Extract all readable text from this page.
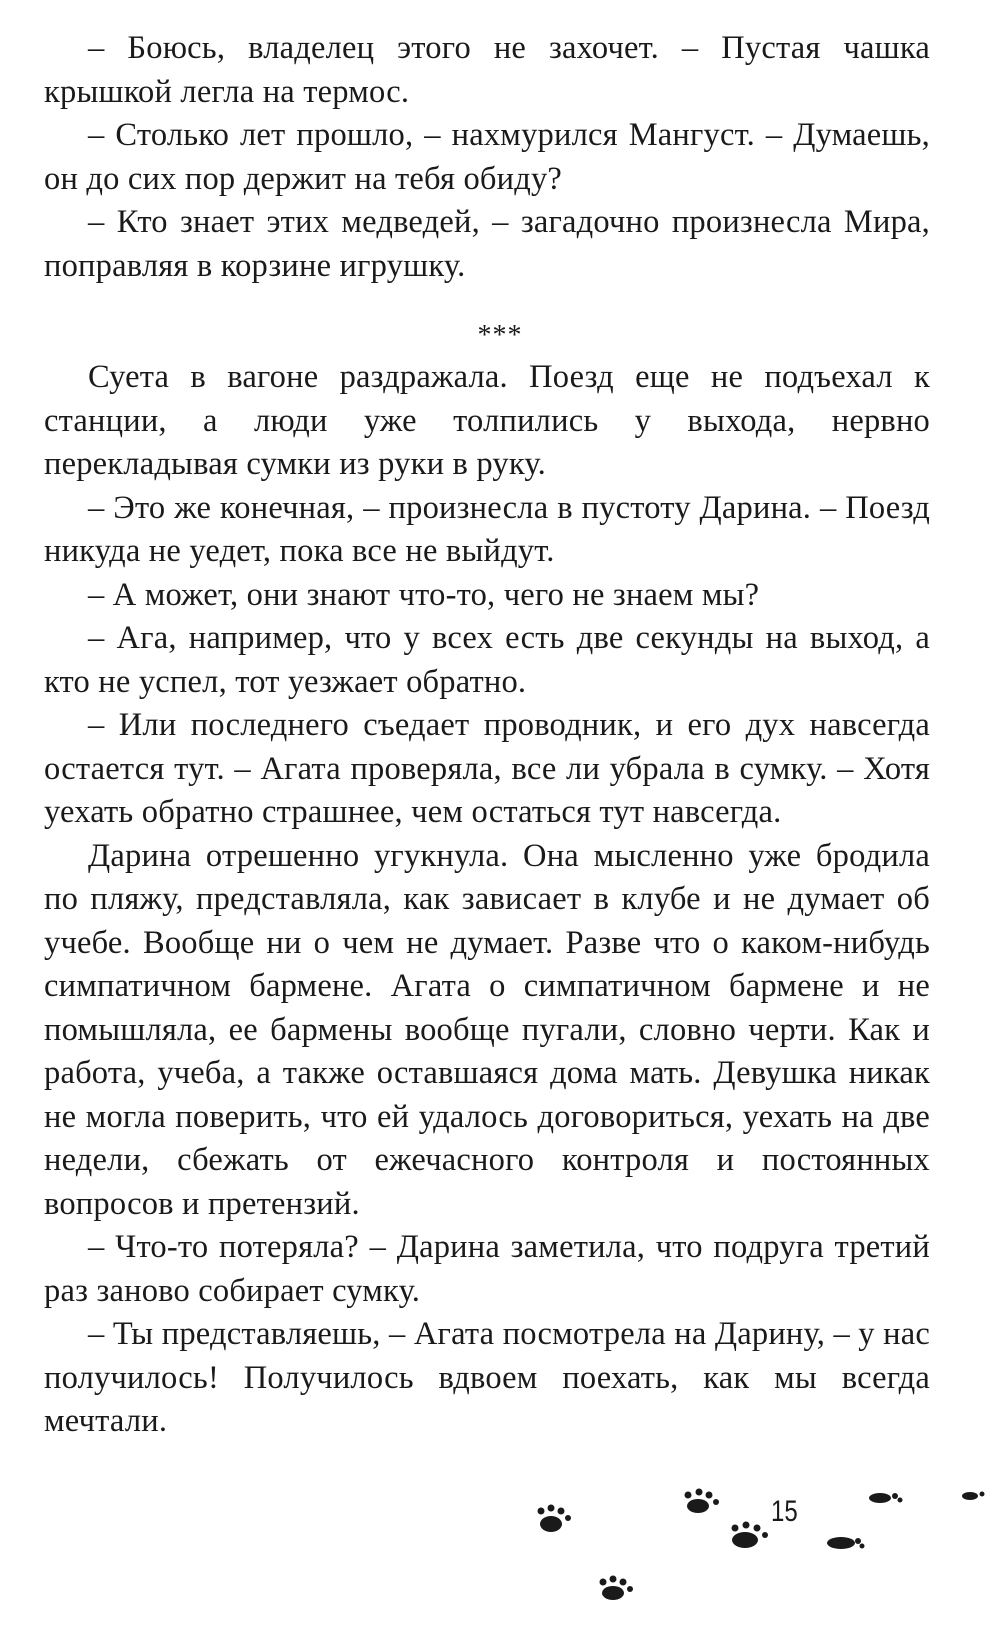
– Боюсь, владелец этого не захочет. – Пустая чашка крышкой легла на термос.

– Столько лет прошло, – нахмурился Мангуст. – Думаешь, он до сих пор держит на тебя обиду?

– Кто знает этих медведей, – загадочно произнесла Мира, поправляя в корзине игрушку.

***

Суета в вагоне раздражала. Поезд еще не подъехал к станции, а люди уже толпились у выхода, нервно перекладывая сумки из руки в руку.

– Это же конечная, – произнесла в пустоту Дарина. – Поезд никуда не уедет, пока все не выйдут.

– А может, они знают что-то, чего не знаем мы?

– Ага, например, что у всех есть две секунды на выход, а кто не успел, тот уезжает обратно.

– Или последнего съедает проводник, и его дух навсегда остается тут. – Агата проверяла, все ли убрала в сумку. – Хотя уехать обратно страшнее, чем остаться тут навсегда.

Дарина отрешенно угукнула. Она мысленно уже бродила по пляжу, представляла, как зависает в клубе и не думает об учебе. Вообще ни о чем не думает. Разве что о каком-нибудь симпатичном бармене. Агата о симпатичном бармене и не помышляла, ее бармены вообще пугали, словно черти. Как и работа, учеба, а также оставшаяся дома мать. Девушка никак не могла поверить, что ей удалось договориться, уехать на две недели, сбежать от ежечасного контроля и постоянных вопросов и претензий.

– Что-то потеряла? – Дарина заметила, что подруга третий раз заново собирает сумку.

– Ты представляешь, – Агата посмотрела на Дарину, – у нас получилось! Получилось вдвоем поехать, как мы всегда мечтали.

15
